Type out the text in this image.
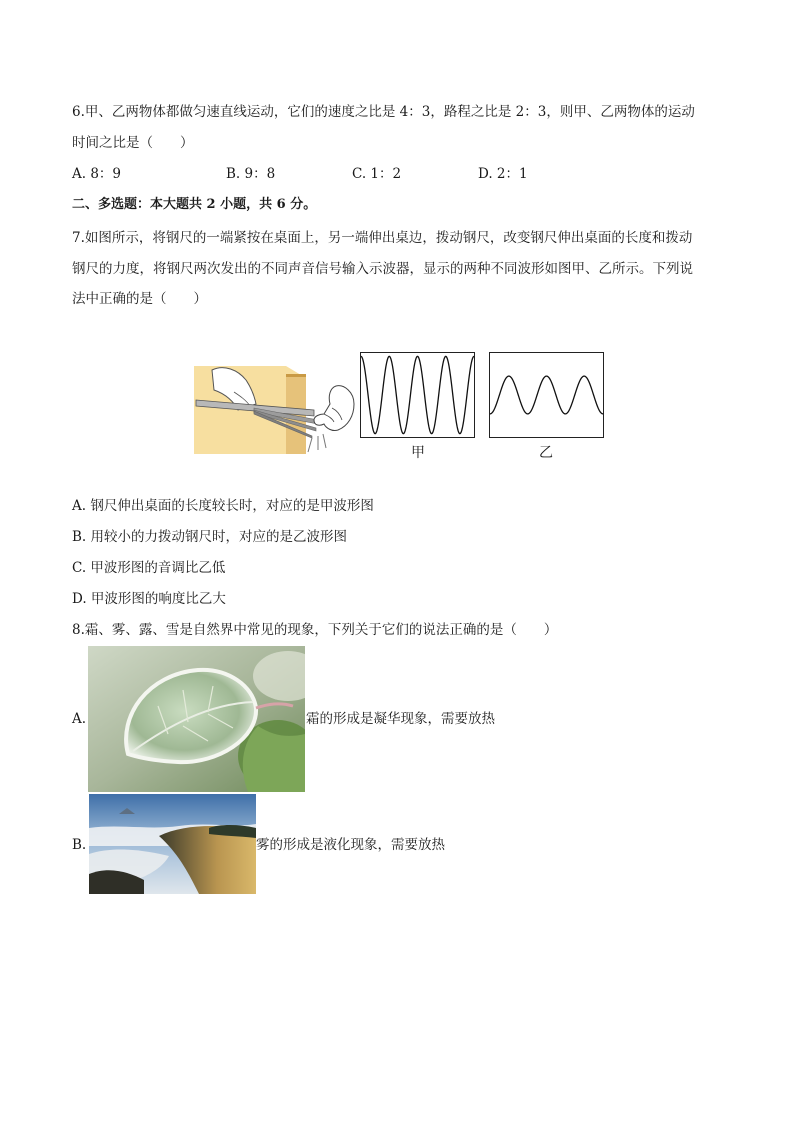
6.甲、乙两物体都做匀速直线运动，它们的速度之比是 4：3，路程之比是 2：3，则甲、乙两物体的运动
时间之比是（　　）
A. 8：9	B. 9：8	C. 1：2	D. 2：1
二、多选题：本大题共 2 小题，共 6 分。
7.如图所示，将钢尺的一端紧按在桌面上，另一端伸出桌边，拨动钢尺，改变钢尺伸出桌面的长度和拨动
钢尺的力度，将钢尺两次发出的不同声音信号输入示波器，显示的两种不同波形如图甲、乙所示。下列说
法中正确的是（　　）
甲	乙
A. 钢尺伸出桌面的长度较长时，对应的是甲波形图
B. 用较小的力拨动钢尺时，对应的是乙波形图
C. 甲波形图的音调比乙低
D. 甲波形图的响度比乙大
8.霜、雾、露、雪是自然界中常见的现象，下列关于它们的说法正确的是（　　）
A.	霜的形成是凝华现象，需要放热
B.	雾的形成是液化现象，需要放热
